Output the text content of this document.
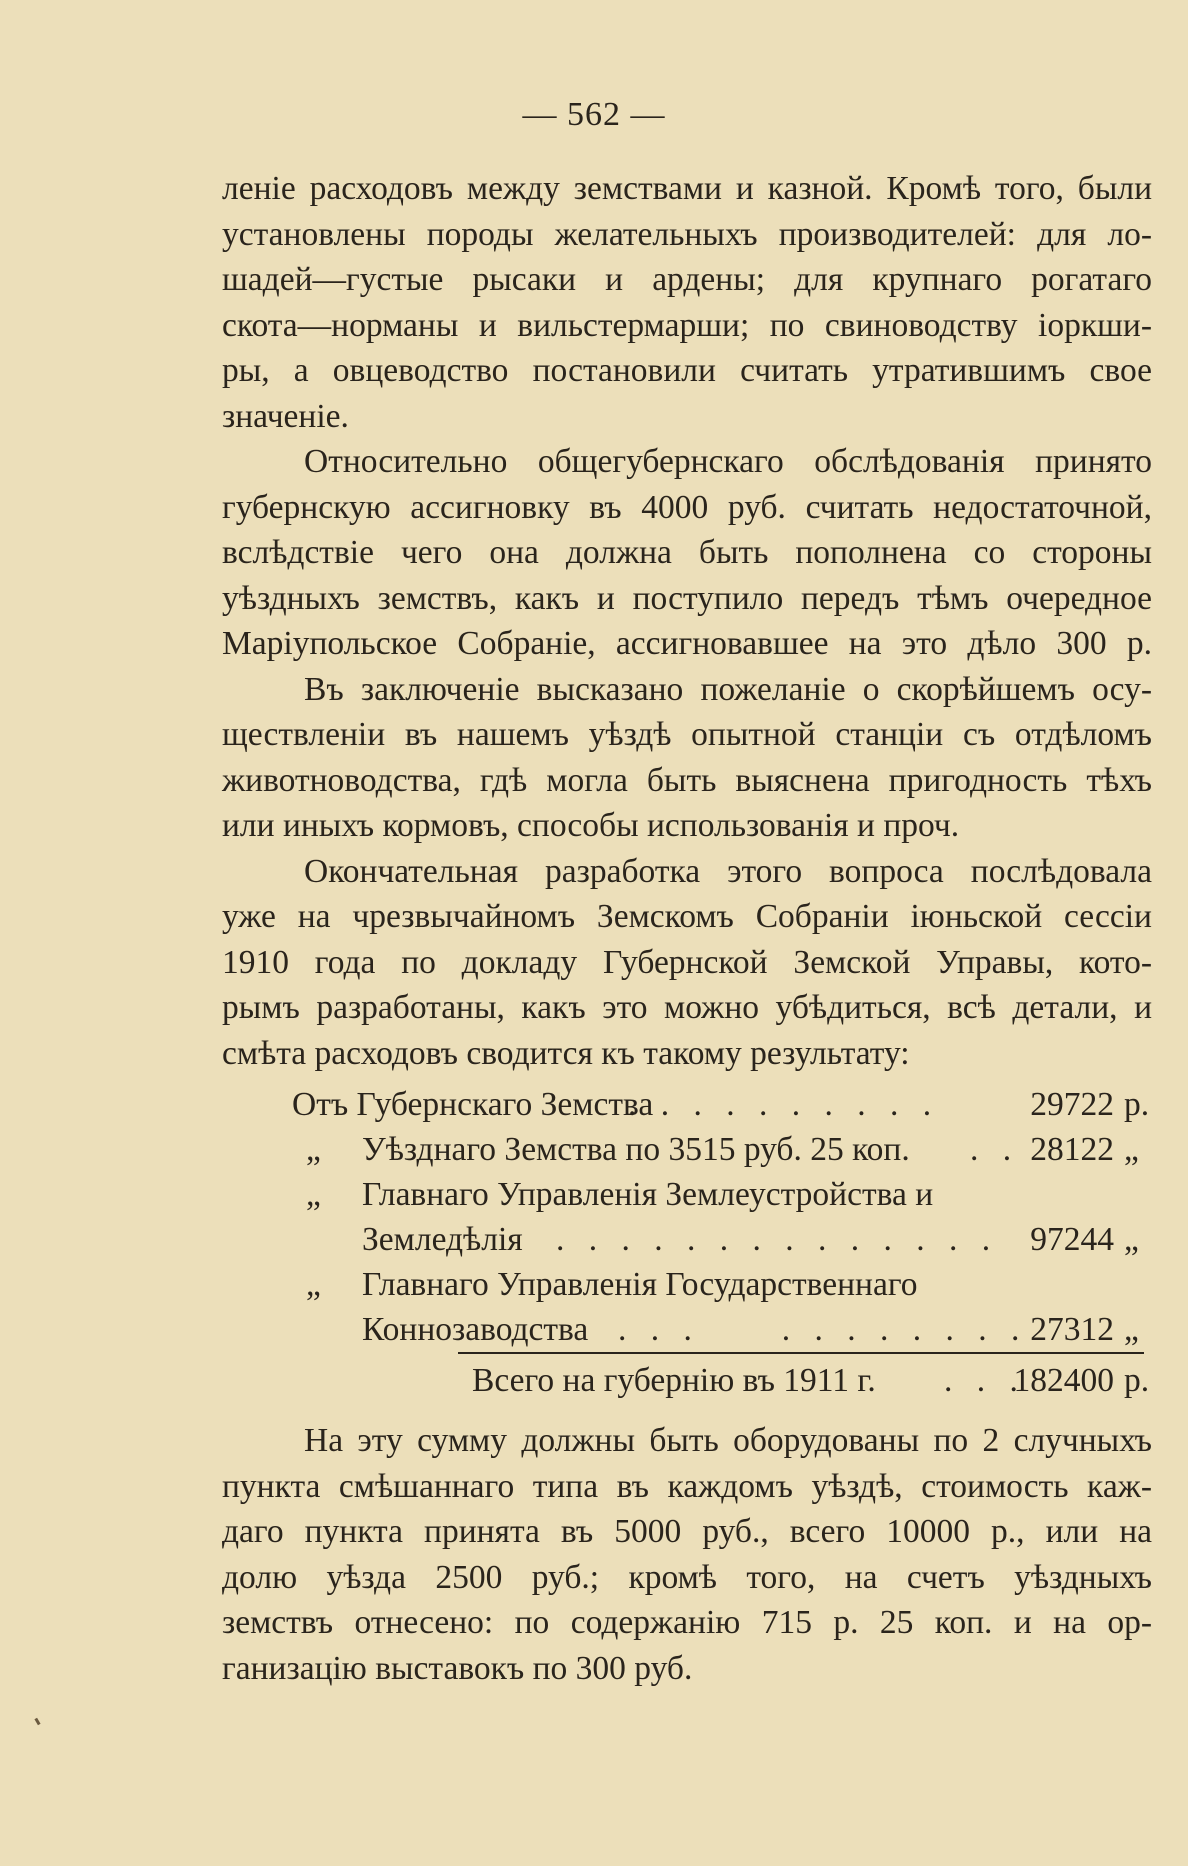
— 562 —
леніе расходовъ между земствами и казной. Кромѣ того, были
установлены породы желательныхъ производителей: для ло-
шадей—густые рысаки и ардены; для крупнаго рогатаго
скота—норманы и вильстермарши; по свиноводству іоркши-
ры, а овцеводство постановили считать утратившимъ свое
значеніе.
Относительно общегубернскаго обслѣдованія принято
губернскую ассигновку въ 4000 руб. считать недостаточной,
вслѣдствіе чего она должна быть пополнена со стороны
уѣздныхъ земствъ, какъ и поступило передъ тѣмъ очередное
Маріупольское Собраніе, ассигновавшее на это дѣло 300 р.
Въ заключеніе высказано пожеланіе о скорѣйшемъ осу-
ществленіи въ нашемъ уѣздѣ опытной станціи съ отдѣломъ
животноводства, гдѣ могла быть выяснена пригодность тѣхъ
или иныхъ кормовъ, способы использованія и проч.
Окончательная разработка этого вопроса послѣдовала
уже на чрезвычайномъ Земскомъ Собраніи іюньской сессіи
1910 года по докладу Губернской Земской Управы, кото-
рымъ разработаны, какъ это можно убѣдиться, всѣ детали, и
смѣта расходовъ сводится къ такому результату:
Отъ Губернскаго Земства
. . . . . . . . . .	29722 р.
„ Уѣзднаго Земства по 3515 руб. 25 коп. . . 28122 „
„ Главнаго Управленія Землеустройства и
Земледѣлія . . . . . . . . . . . . . . 97244 „
„ Главнаго Управленія Государственнаго
Коннозаводства . . .     . . . . . . . . 27312 „
Всего на губернію въ 1911 г. . . .
182400 р.
На эту сумму должны быть оборудованы по 2 случныхъ
пункта смѣшаннаго типа въ каждомъ уѣздѣ, стоимость каж-
даго пункта принята въ 5000 руб., всего 10000 р., или на
долю уѣзда 2500 руб.; кромѣ того, на счетъ уѣздныхъ
земствъ отнесено: по содержанію 715 р. 25 коп. и на ор-
ганизацію выставокъ по 300 руб.
